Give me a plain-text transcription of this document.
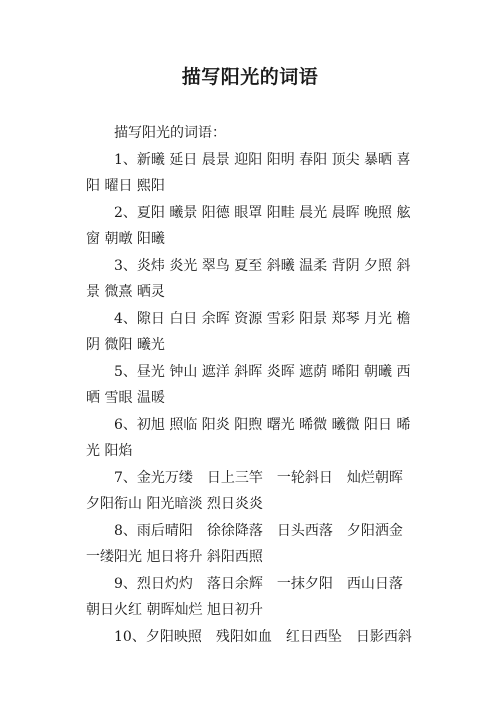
描写阳光的词语

描写阳光的词语：

1、新曦 延日 晨景 迎阳 阳明 春阳 顶尖 暴晒 喜阳 曜日 熙阳

2、夏阳 曦景 阳德 眼罩 阳畦 晨光 晨晖 晚照 舷窗 朝暾 阳曦

3、炎炜 炎光 翠鸟 夏至 斜曦 温柔 背阴 夕照 斜景 微熹 晒灵

4、隙日 白日 余晖 资源 雪彩 阳景 郑琴 月光 檐阴 微阳 曦光

5、昼光 钟山 遮洋 斜晖 炎晖 遮荫 晞阳 朝曦 西晒 雪眼 温暖

6、初旭 照临 阳炎 阳煦 曙光 晞微 曦微 阳日 晞光 阳焰

7、金光万缕　日上三竿　一轮斜日　灿烂朝晖 夕阳衔山 阳光暗淡 烈日炎炎

8、雨后晴阳　徐徐降落　日头西落　夕阳洒金 一缕阳光 旭日将升 斜阳西照

9、烈日灼灼　落日余辉　一抹夕阳　西山日落 朝日火红 朝晖灿烂 旭日初升

10、夕阳映照　残阳如血　红日西坠　日影西斜
